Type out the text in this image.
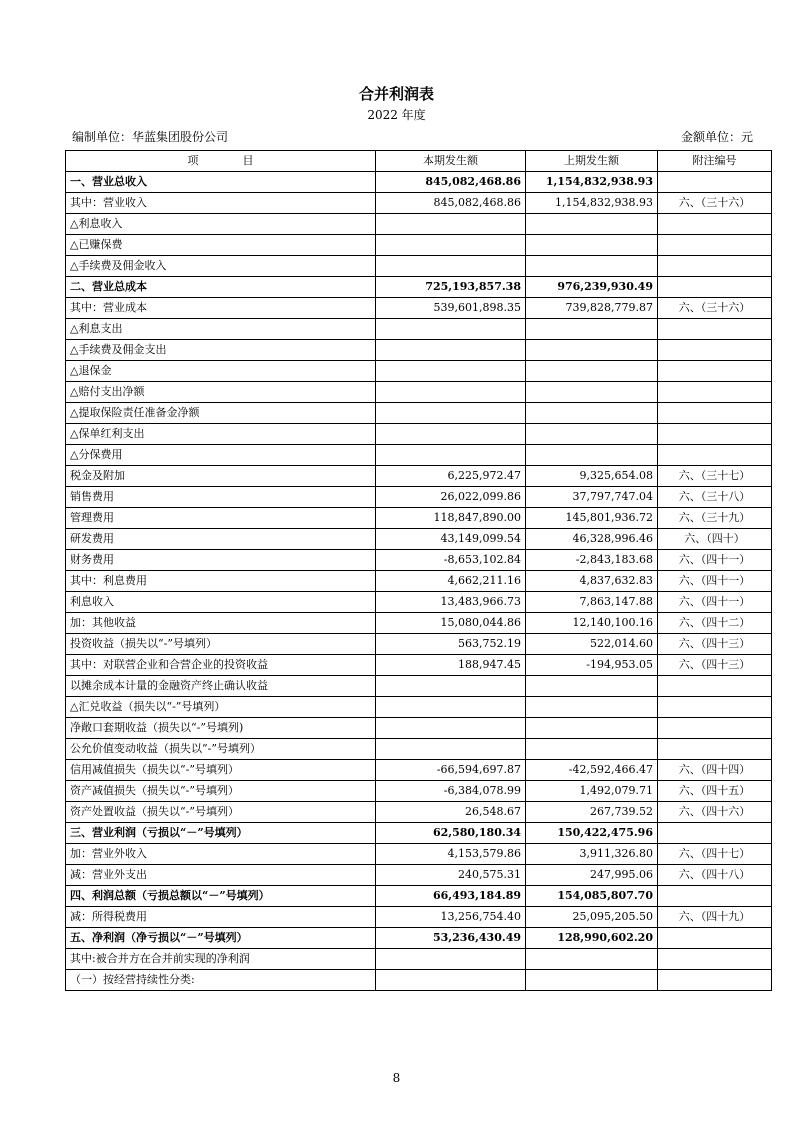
合并利润表
2022 年度
编制单位：华蓝集团股份公司	金额单位：元
项　　　　目	本期发生额	上期发生额	附注编号
一、营业总收入	845,082,468.86	1,154,832,938.93	
其中：营业收入	845,082,468.86	1,154,832,938.93	六、（三十六）
△利息收入			
△已赚保费			
△手续费及佣金收入			
二、营业总成本	725,193,857.38	976,239,930.49	
其中：营业成本	539,601,898.35	739,828,779.87	六、（三十六）
△利息支出			
△手续费及佣金支出			
△退保金			
△赔付支出净额			
△提取保险责任准备金净额			
△保单红利支出			
△分保费用			
税金及附加	6,225,972.47	9,325,654.08	六、（三十七）
销售费用	26,022,099.86	37,797,747.04	六、（三十八）
管理费用	118,847,890.00	145,801,936.72	六、（三十九）
研发费用	43,149,099.54	46,328,996.46	六、（四十）
财务费用	-8,653,102.84	-2,843,183.68	六、（四十一）
其中：利息费用	4,662,211.16	4,837,632.83	六、（四十一）
利息收入	13,483,966.73	7,863,147.88	六、（四十一）
加：其他收益	15,080,044.86	12,140,100.16	六、（四十二）
投资收益（损失以“-”号填列）	563,752.19	522,014.60	六、（四十三）
其中：对联营企业和合营企业的投资收益	188,947.45	-194,953.05	六、（四十三）
以摊余成本计量的金融资产终止确认收益			
△汇兑收益（损失以“-”号填列）			
净敞口套期收益（损失以“-”号填列)			
公允价值变动收益（损失以“-”号填列）			
信用减值损失（损失以“-”号填列）	-66,594,697.87	-42,592,466.47	六、（四十四）
资产减值损失（损失以“-”号填列）	-6,384,078.99	1,492,079.71	六、（四十五）
资产处置收益（损失以“-”号填列）	26,548.67	267,739.52	六、（四十六）
三、营业利润（亏损以“－”号填列）	62,580,180.34	150,422,475.96	
加：营业外收入	4,153,579.86	3,911,326.80	六、（四十七）
减：营业外支出	240,575.31	247,995.06	六、（四十八）
四、利润总额（亏损总额以“－”号填列）	66,493,184.89	154,085,807.70	
减：所得税费用	13,256,754.40	25,095,205.50	六、（四十九）
五、净利润（净亏损以“－”号填列）	53,236,430.49	128,990,602.20	
其中:被合并方在合并前实现的净利润			
（一）按经营持续性分类:			
8
